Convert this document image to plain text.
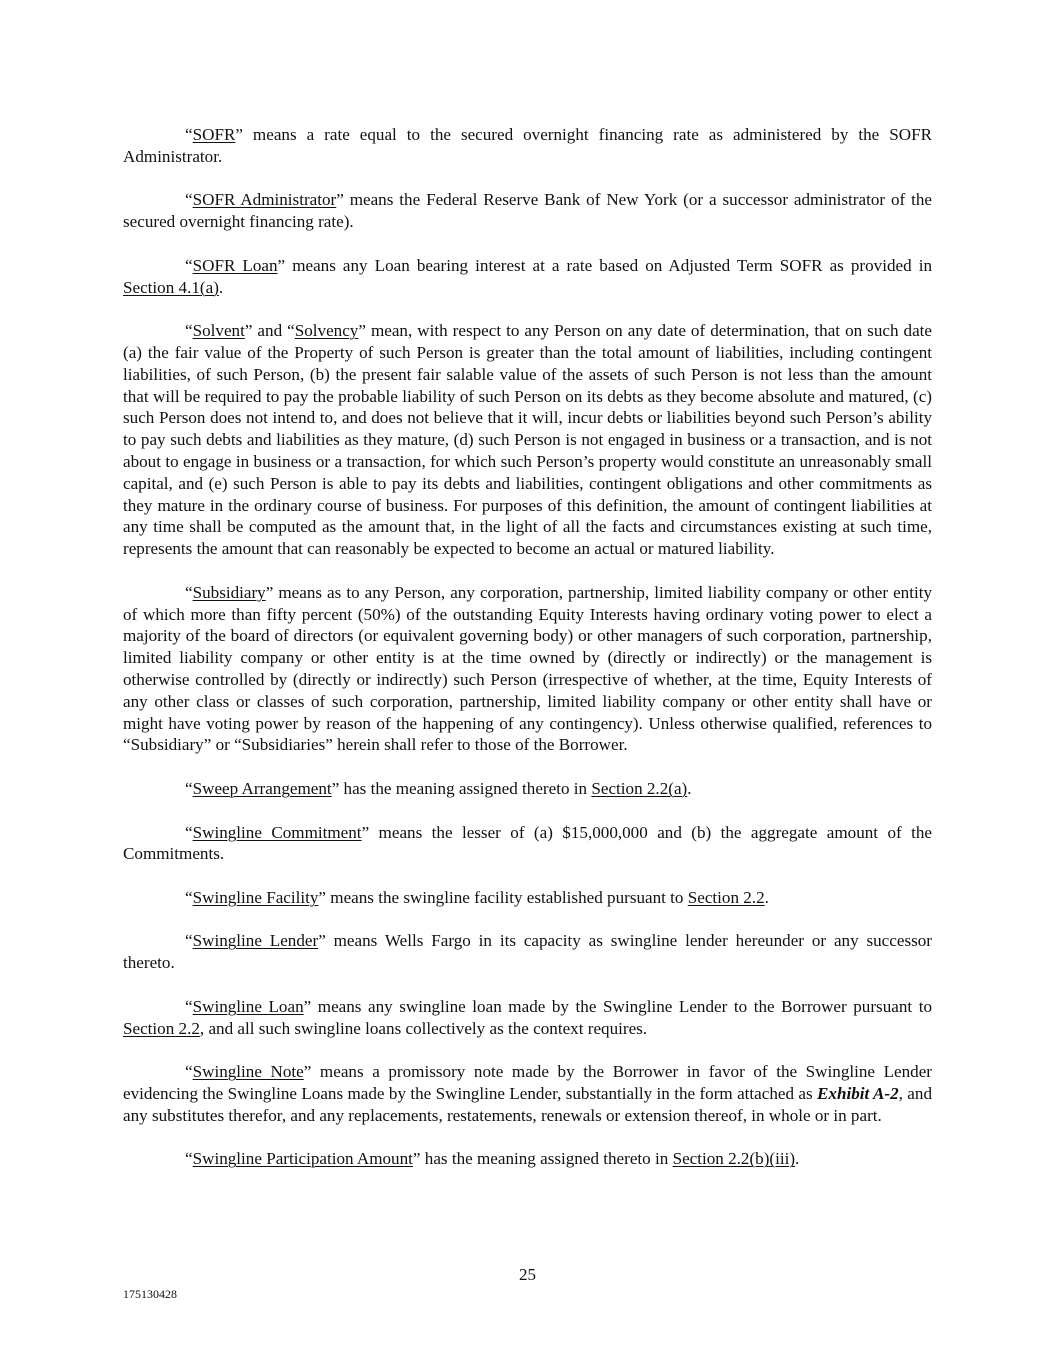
“SOFR” means a rate equal to the secured overnight financing rate as administered by the SOFR Administrator.

“SOFR Administrator” means the Federal Reserve Bank of New York (or a successor administrator of the secured overnight financing rate).

“SOFR Loan” means any Loan bearing interest at a rate based on Adjusted Term SOFR as provided in Section 4.1(a).

“Solvent” and “Solvency” mean, with respect to any Person on any date of determination, that on such date (a) the fair value of the Property of such Person is greater than the total amount of liabilities, including contingent liabilities, of such Person, (b) the present fair salable value of the assets of such Person is not less than the amount that will be required to pay the probable liability of such Person on its debts as they become absolute and matured, (c) such Person does not intend to, and does not believe that it will, incur debts or liabilities beyond such Person’s ability to pay such debts and liabilities as they mature, (d) such Person is not engaged in business or a transaction, and is not about to engage in business or a transaction, for which such Person’s property would constitute an unreasonably small capital, and (e) such Person is able to pay its debts and liabilities, contingent obligations and other commitments as they mature in the ordinary course of business. For purposes of this definition, the amount of contingent liabilities at any time shall be computed as the amount that, in the light of all the facts and circumstances existing at such time, represents the amount that can reasonably be expected to become an actual or matured liability.

“Subsidiary” means as to any Person, any corporation, partnership, limited liability company or other entity of which more than fifty percent (50%) of the outstanding Equity Interests having ordinary voting power to elect a majority of the board of directors (or equivalent governing body) or other managers of such corporation, partnership, limited liability company or other entity is at the time owned by (directly or indirectly) or the management is otherwise controlled by (directly or indirectly) such Person (irrespective of whether, at the time, Equity Interests of any other class or classes of such corporation, partnership, limited liability company or other entity shall have or might have voting power by reason of the happening of any contingency). Unless otherwise qualified, references to “Subsidiary” or “Subsidiaries” herein shall refer to those of the Borrower.

“Sweep Arrangement” has the meaning assigned thereto in Section 2.2(a).

“Swingline Commitment” means the lesser of (a) $15,000,000 and (b) the aggregate amount of the Commitments.

“Swingline Facility” means the swingline facility established pursuant to Section 2.2.

“Swingline Lender” means Wells Fargo in its capacity as swingline lender hereunder or any successor thereto.

“Swingline Loan” means any swingline loan made by the Swingline Lender to the Borrower pursuant to Section 2.2, and all such swingline loans collectively as the context requires.

“Swingline Note” means a promissory note made by the Borrower in favor of the Swingline Lender evidencing the Swingline Loans made by the Swingline Lender, substantially in the form attached as Exhibit A-2, and any substitutes therefor, and any replacements, restatements, renewals or extension thereof, in whole or in part.

“Swingline Participation Amount” has the meaning assigned thereto in Section 2.2(b)(iii).

25
175130428
